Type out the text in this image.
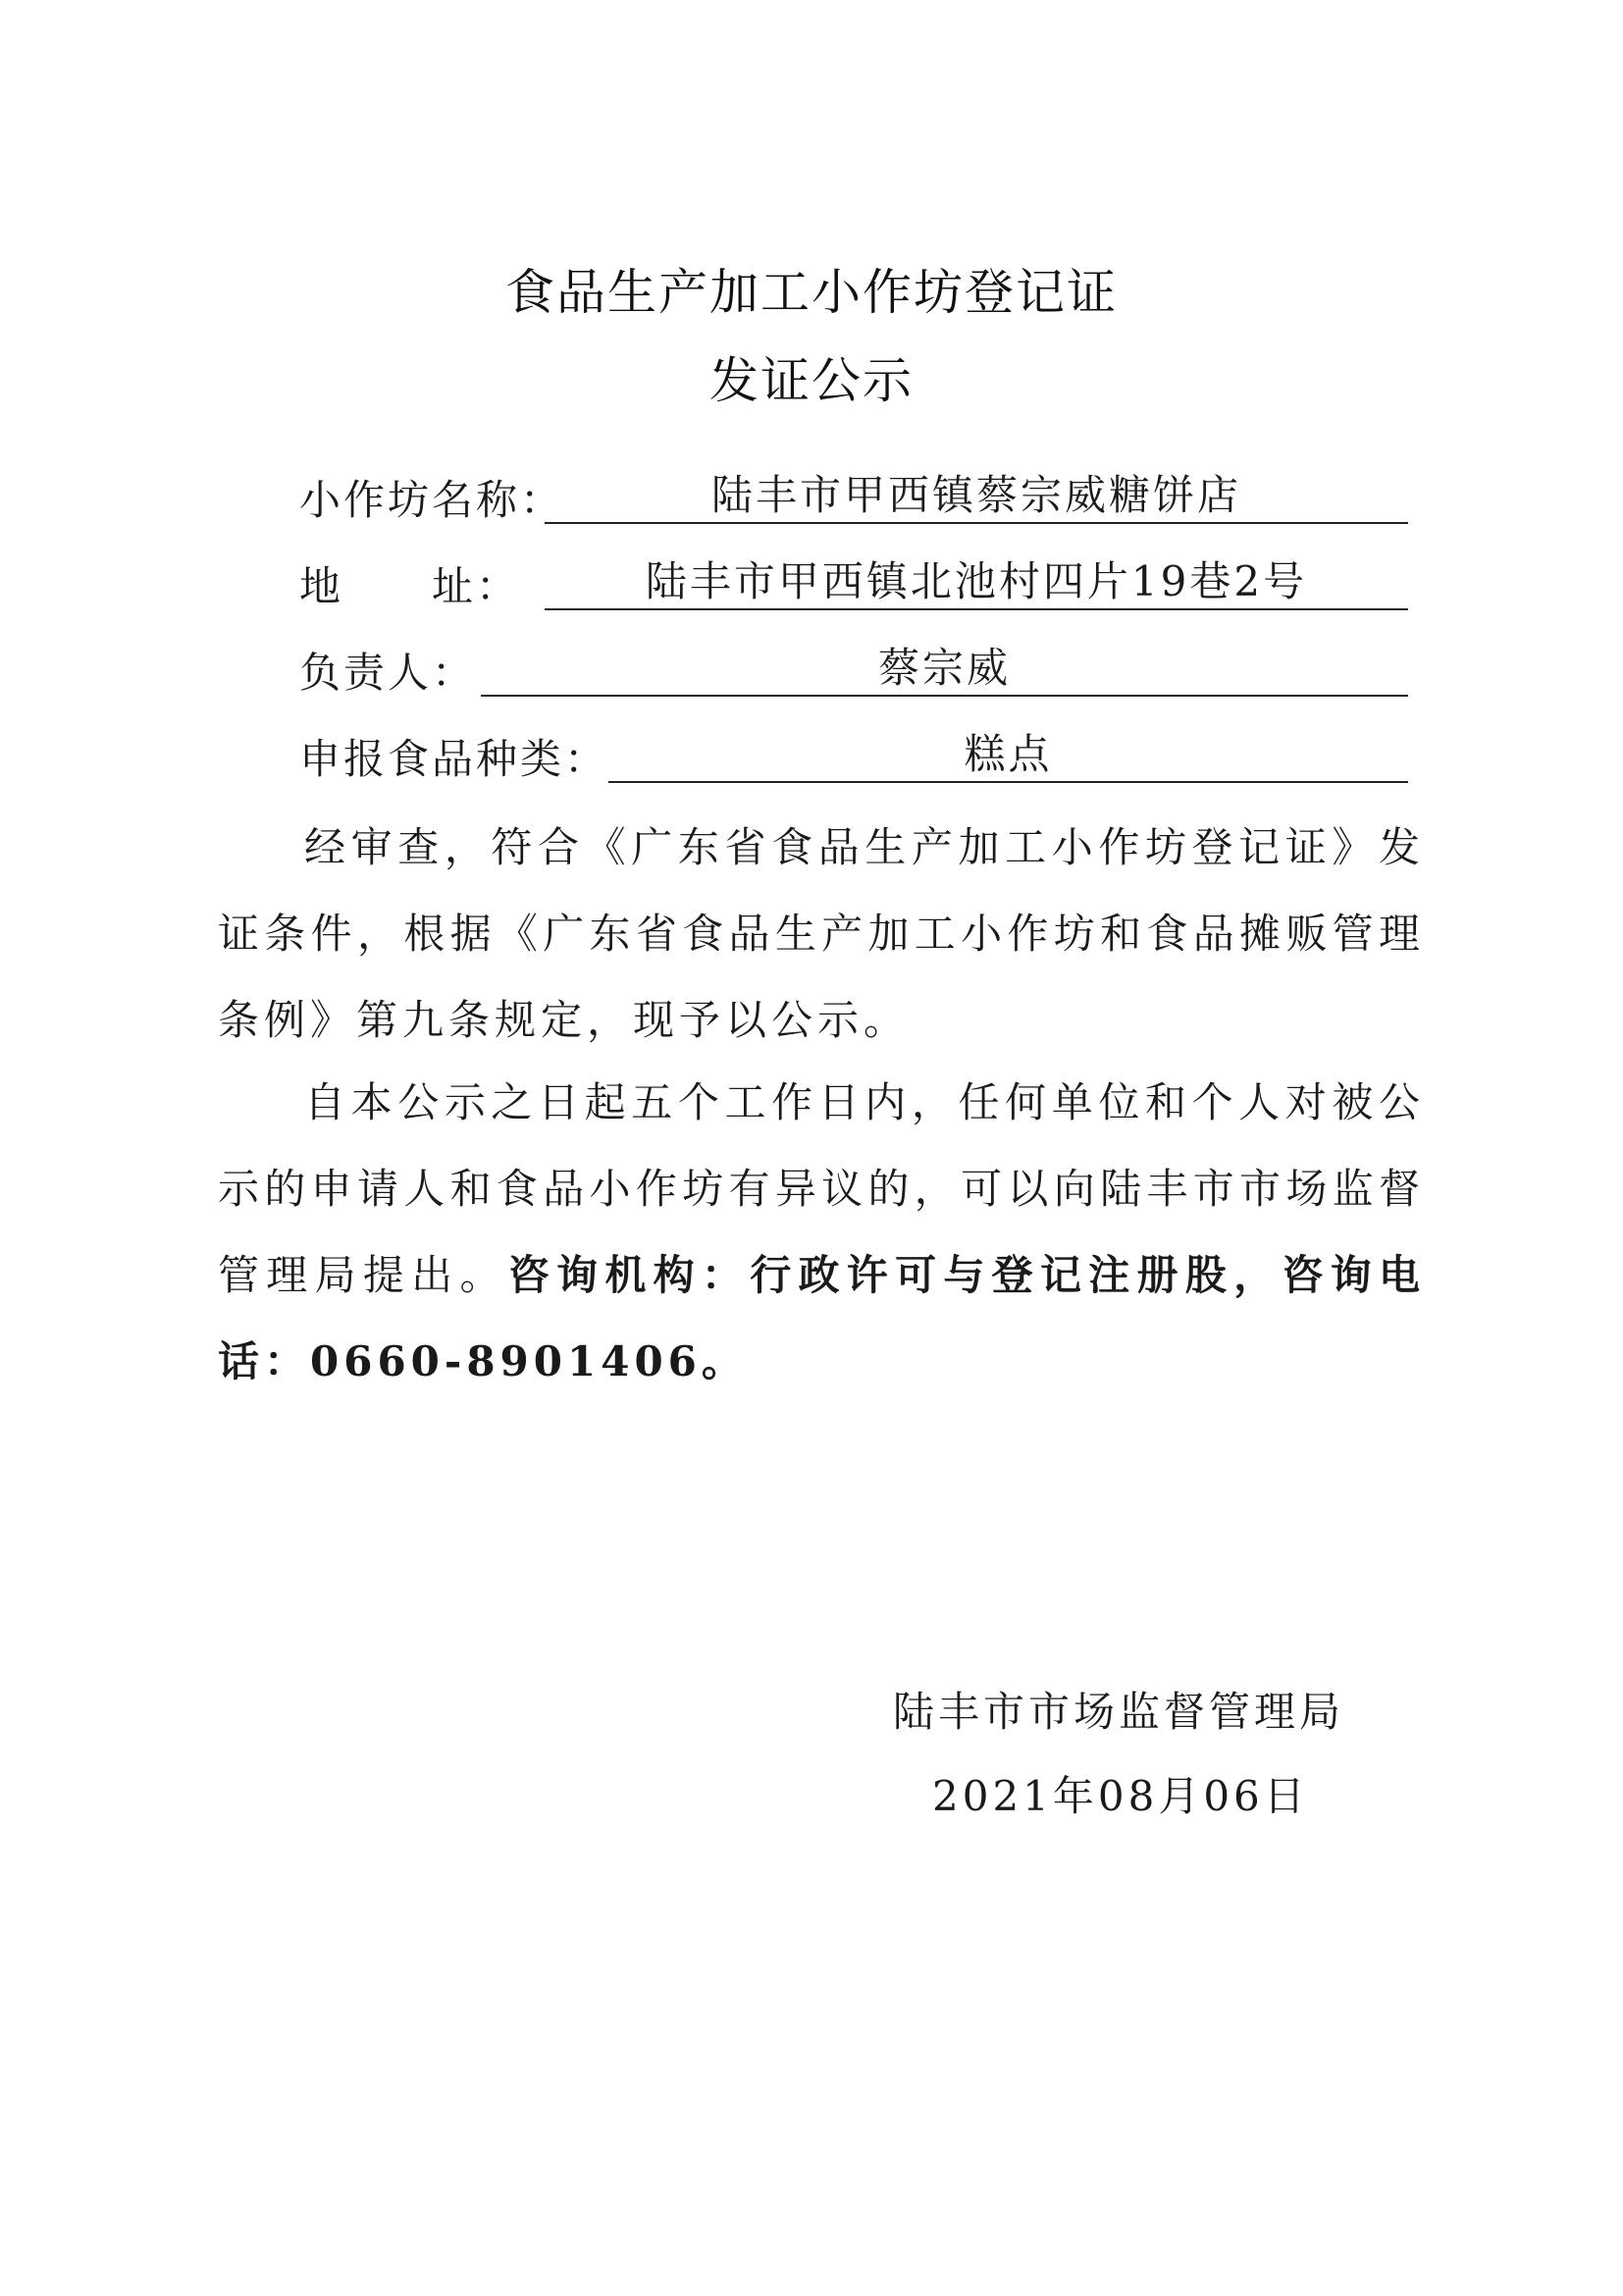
食品生产加工小作坊登记证
发证公示
小作坊名称：	陆丰市甲西镇蔡宗威糖饼店
地　　址：	陆丰市甲西镇北池村四片19巷2号
负责人：	蔡宗威
申报食品种类：	糕点
经审查，符合《广东省食品生产加工小作坊登记证》发证条件，根据《广东省食品生产加工小作坊和食品摊贩管理条例》第九条规定，现予以公示。
自本公示之日起五个工作日内，任何单位和个人对被公示的申请人和食品小作坊有异议的，可以向陆丰市市场监督管理局提出。咨询机构：行政许可与登记注册股，咨询电话：0660-8901406。
陆丰市市场监督管理局
2021年08月06日
